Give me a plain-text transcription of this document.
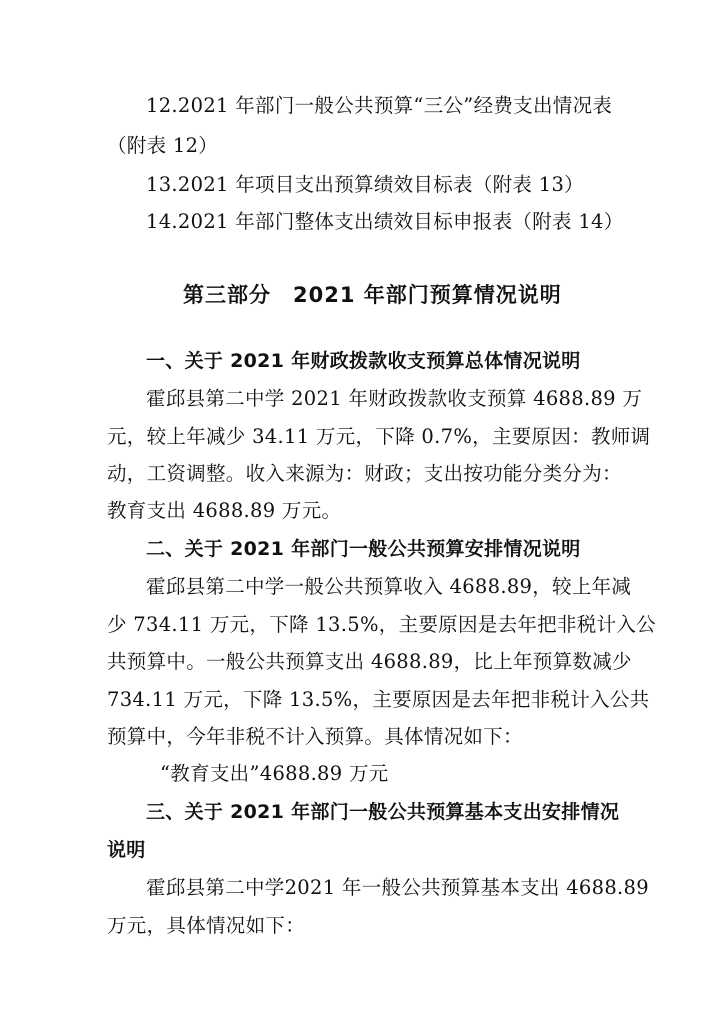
12.2021 年部门一般公共预算“三公”经费支出情况表
（附表 12）
13.2021 年项目支出预算绩效目标表（附表 13）
14.2021 年部门整体支出绩效目标申报表（附表 14）
第三部分　2021 年部门预算情况说明
一、关于 2021 年财政拨款收支预算总体情况说明
霍邱县第二中学 2021 年财政拨款收支预算 4688.89 万
元，较上年减少 34.11 万元，下降 0.7%，主要原因：教师调
动，工资调整。收入来源为：财政；支出按功能分类分为：
教育支出 4688.89 万元。
二、关于 2021 年部门一般公共预算安排情况说明
霍邱县第二中学一般公共预算收入 4688.89，较上年减
少 734.11 万元，下降 13.5%，主要原因是去年把非税计入公
共预算中。一般公共预算支出 4688.89，比上年预算数减少
734.11 万元，下降 13.5%，主要原因是去年把非税计入公共
预算中，今年非税不计入预算。具体情况如下：
“教育支出”4688.89 万元
三、关于 2021 年部门一般公共预算基本支出安排情况
说明
霍邱县第二中学2021 年一般公共预算基本支出 4688.89
万元，具体情况如下：
